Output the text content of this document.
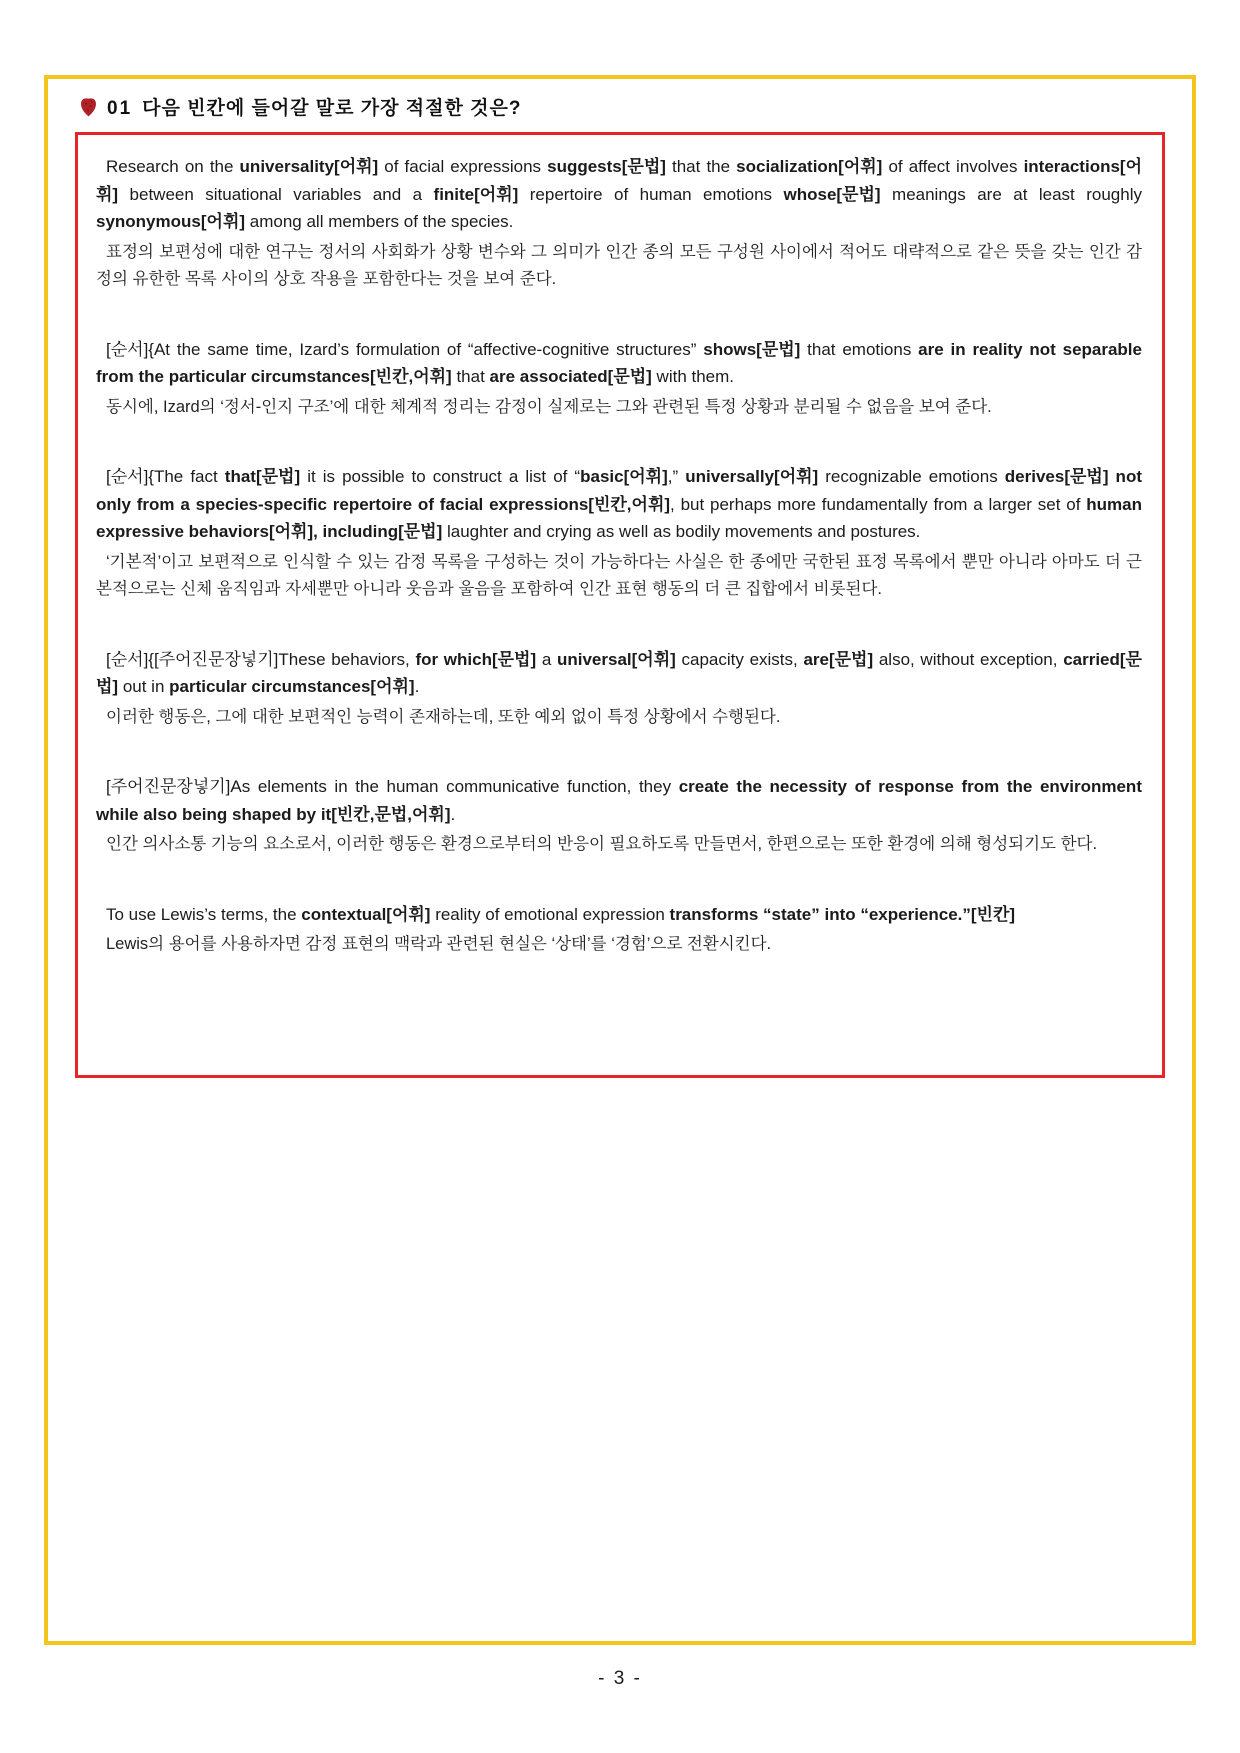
01 다음 빈칸에 들어갈 말로 가장 적절한 것은?

Research on the universality[어휘] of facial expressions suggests[문법] that the socialization[어휘] of affect involves interactions[어휘] between situational variables and a finite[어휘] repertoire of human emotions whose[문법] meanings are at least roughly synonymous[어휘] among all members of the species.

표정의 보편성에 대한 연구는 정서의 사회화가 상황 변수와 그 의미가 인간 종의 모든 구성원 사이에서 적어도 대략적으로 같은 뜻을 갖는 인간 감정의 유한한 목록 사이의 상호 작용을 포함한다는 것을 보여 준다.

[순서]{At the same time, Izard’s formulation of “affective-cognitive structures” shows[문법] that emotions are in reality not separable from the particular circumstances[빈칸,어휘] that are associated[문법] with them.

동시에, Izard의 ‘정서-인지 구조’에 대한 체계적 정리는 감정이 실제로는 그와 관련된 특정 상황과 분리될 수 없음을 보여 준다.

[순서]{The fact that[문법] it is possible to construct a list of “basic[어휘],” universally[어휘] recognizable emotions derives[문법] not only from a species-specific repertoire of facial expressions[빈칸,어휘], but perhaps more fundamentally from a larger set of human expressive behaviors[어휘], including[문법] laughter and crying as well as bodily movements and postures.

‘기본적’이고 보편적으로 인식할 수 있는 감정 목록을 구성하는 것이 가능하다는 사실은 한 종에만 국한된 표정 목록에서 뿐만 아니라 아마도 더 근본적으로는 신체 움직임과 자세뿐만 아니라 웃음과 울음을 포함하여 인간 표현 행동의 더 큰 집합에서 비롯된다.

[순서]{[주어진문장넣기]These behaviors, for which[문법] a universal[어휘] capacity exists, are[문법] also, without exception, carried[문법] out in particular circumstances[어휘].

이러한 행동은, 그에 대한 보편적인 능력이 존재하는데, 또한 예외 없이 특정 상황에서 수행된다.

[주어진문장넣기]As elements in the human communicative function, they create the necessity of response from the environment while also being shaped by it[빈칸,문법,어휘].

인간 의사소통 기능의 요소로서, 이러한 행동은 환경으로부터의 반응이 필요하도록 만들면서, 한편으로는 또한 환경에 의해 형성되기도 한다.

To use Lewis’s terms, the contextual[어휘] reality of emotional expression transforms “state” into “experience.”[빈칸]

Lewis의 용어를 사용하자면 감정 표현의 맥락과 관련된 현실은 ‘상태’를 ‘경험’으로 전환시킨다.

- 3 -
